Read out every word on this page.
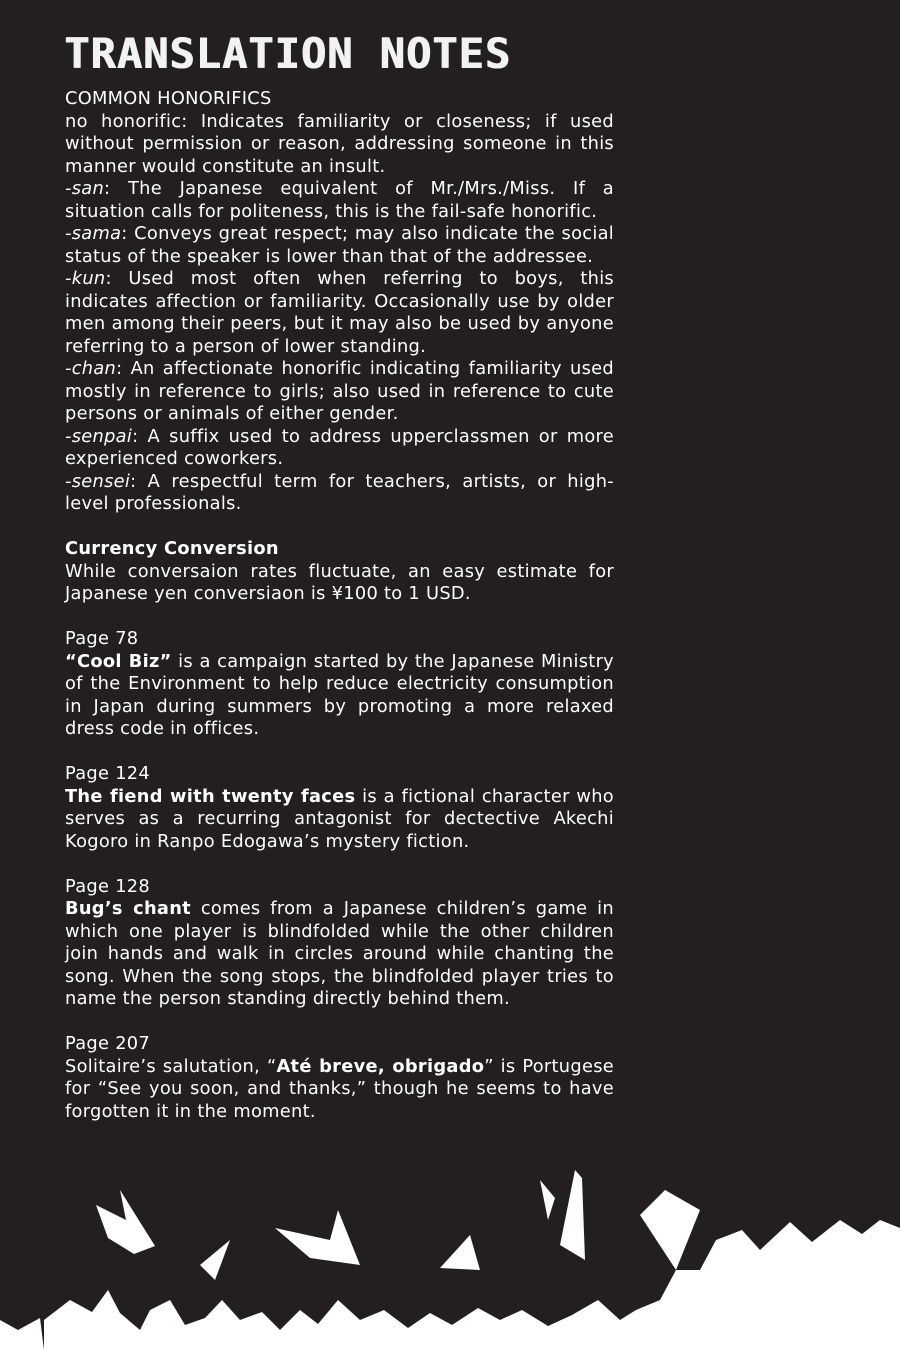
TRANSLATION NOTES

COMMON HONORIFICS

no honorific: Indicates familiarity or closeness; if used without permission or reason, addressing someone in this manner would constitute an insult.

-san: The Japanese equivalent of Mr./Mrs./Miss. If a situation calls for politeness, this is the fail-safe honorific.

-sama: Conveys great respect; may also indicate the social status of the speaker is lower than that of the addressee.

-kun: Used most often when referring to boys, this indicates affection or familiarity. Occasionally use by older men among their peers, but it may also be used by anyone referring to a person of lower standing.

-chan: An affectionate honorific indicating familiarity used mostly in reference to girls; also used in reference to cute persons or animals of either gender.

-senpai: A suffix used to address upperclassmen or more experienced coworkers.

-sensei: A respectful term for teachers, artists, or high-level professionals.

Currency Conversion

While conversaion rates fluctuate, an easy estimate for Japanese yen conversiaon is ¥100 to 1 USD.

Page 78

“Cool Biz” is a campaign started by the Japanese Ministry of the Environment to help reduce electricity consumption in Japan during summers by promoting a more relaxed dress code in offices.

Page 124

The fiend with twenty faces is a fictional character who serves as a recurring antagonist for dectective Akechi Kogoro in Ranpo Edogawa’s mystery fiction.

Page 128

Bug’s chant comes from a Japanese children’s game in which one player is blindfolded while the other children join hands and walk in circles around while chanting the song. When the song stops, the blindfolded player tries to name the person standing directly behind them.

Page 207

Solitaire’s salutation, “Até breve, obrigado” is Portugese for “See you soon, and thanks,” though he seems to have forgotten it in the moment.
